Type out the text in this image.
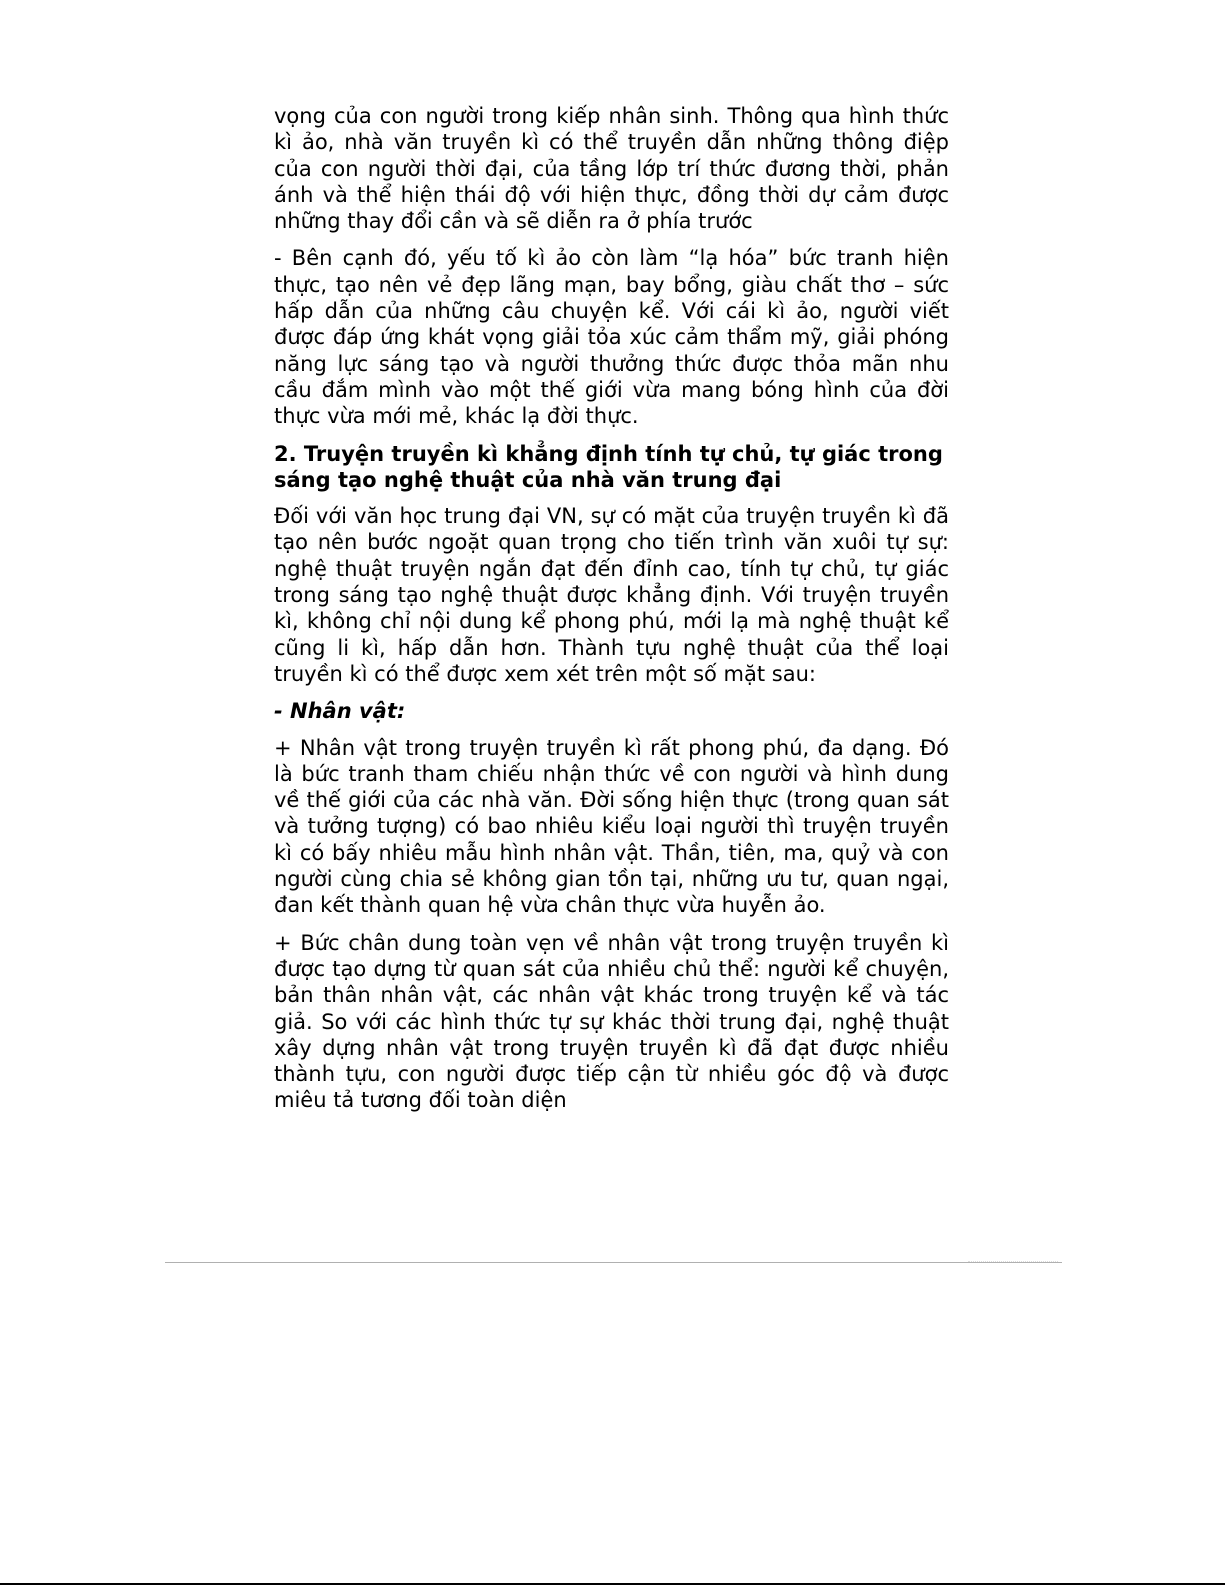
vọng của con người trong kiếp nhân sinh. Thông qua hình thức kì ảo, nhà văn truyền kì có thể truyền dẫn những thông điệp của con người thời đại, của tầng lớp trí thức đương thời, phản ánh và thể hiện thái độ với hiện thực, đồng thời dự cảm được những thay đổi cần và sẽ diễn ra ở phía trước

- Bên cạnh đó, yếu tố kì ảo còn làm “lạ hóa” bức tranh hiện thực, tạo nên vẻ đẹp lãng mạn, bay bổng, giàu chất thơ – sức hấp dẫn của những câu chuyện kể. Với cái kì ảo, người viết được đáp ứng khát vọng giải tỏa xúc cảm thẩm mỹ, giải phóng năng lực sáng tạo và người thưởng thức được thỏa mãn nhu cầu đắm mình vào một thế giới vừa mang bóng hình của đời thực vừa mới mẻ, khác lạ đời thực.

2. Truyện truyền kì khẳng định tính tự chủ, tự giác trong sáng tạo nghệ thuật của nhà văn trung đại

Đối với văn học trung đại VN, sự có mặt của truyện truyền kì đã tạo nên bước ngoặt quan trọng cho tiến trình văn xuôi tự sự: nghệ thuật truyện ngắn đạt đến đỉnh cao, tính tự chủ, tự giác trong sáng tạo nghệ thuật được khẳng định. Với truyện truyền kì, không chỉ nội dung kể phong phú, mới lạ mà nghệ thuật kể cũng li kì, hấp dẫn hơn. Thành tựu nghệ thuật của thể loại truyền kì có thể được xem xét trên một số mặt sau:

- Nhân vật:

+ Nhân vật trong truyện truyền kì rất phong phú, đa dạng. Đó là bức tranh tham chiếu nhận thức về con người và hình dung về thế giới của các nhà văn. Đời sống hiện thực (trong quan sát và tưởng tượng) có bao nhiêu kiểu loại người thì truyện truyền kì có bấy nhiêu mẫu hình nhân vật. Thần, tiên, ma, quỷ và con người cùng chia sẻ không gian tồn tại, những ưu tư, quan ngại, đan kết thành quan hệ vừa chân thực vừa huyễn ảo.

+ Bức chân dung toàn vẹn về nhân vật trong truyện truyền kì được tạo dựng từ quan sát của nhiều chủ thể: người kể chuyện, bản thân nhân vật, các nhân vật khác trong truyện kể và tác giả. So với các hình thức tự sự khác thời trung đại, nghệ thuật xây dựng nhân vật trong truyện truyền kì đã đạt được nhiều thành tựu, con người được tiếp cận từ nhiều góc độ và được miêu tả tương đối toàn diện
